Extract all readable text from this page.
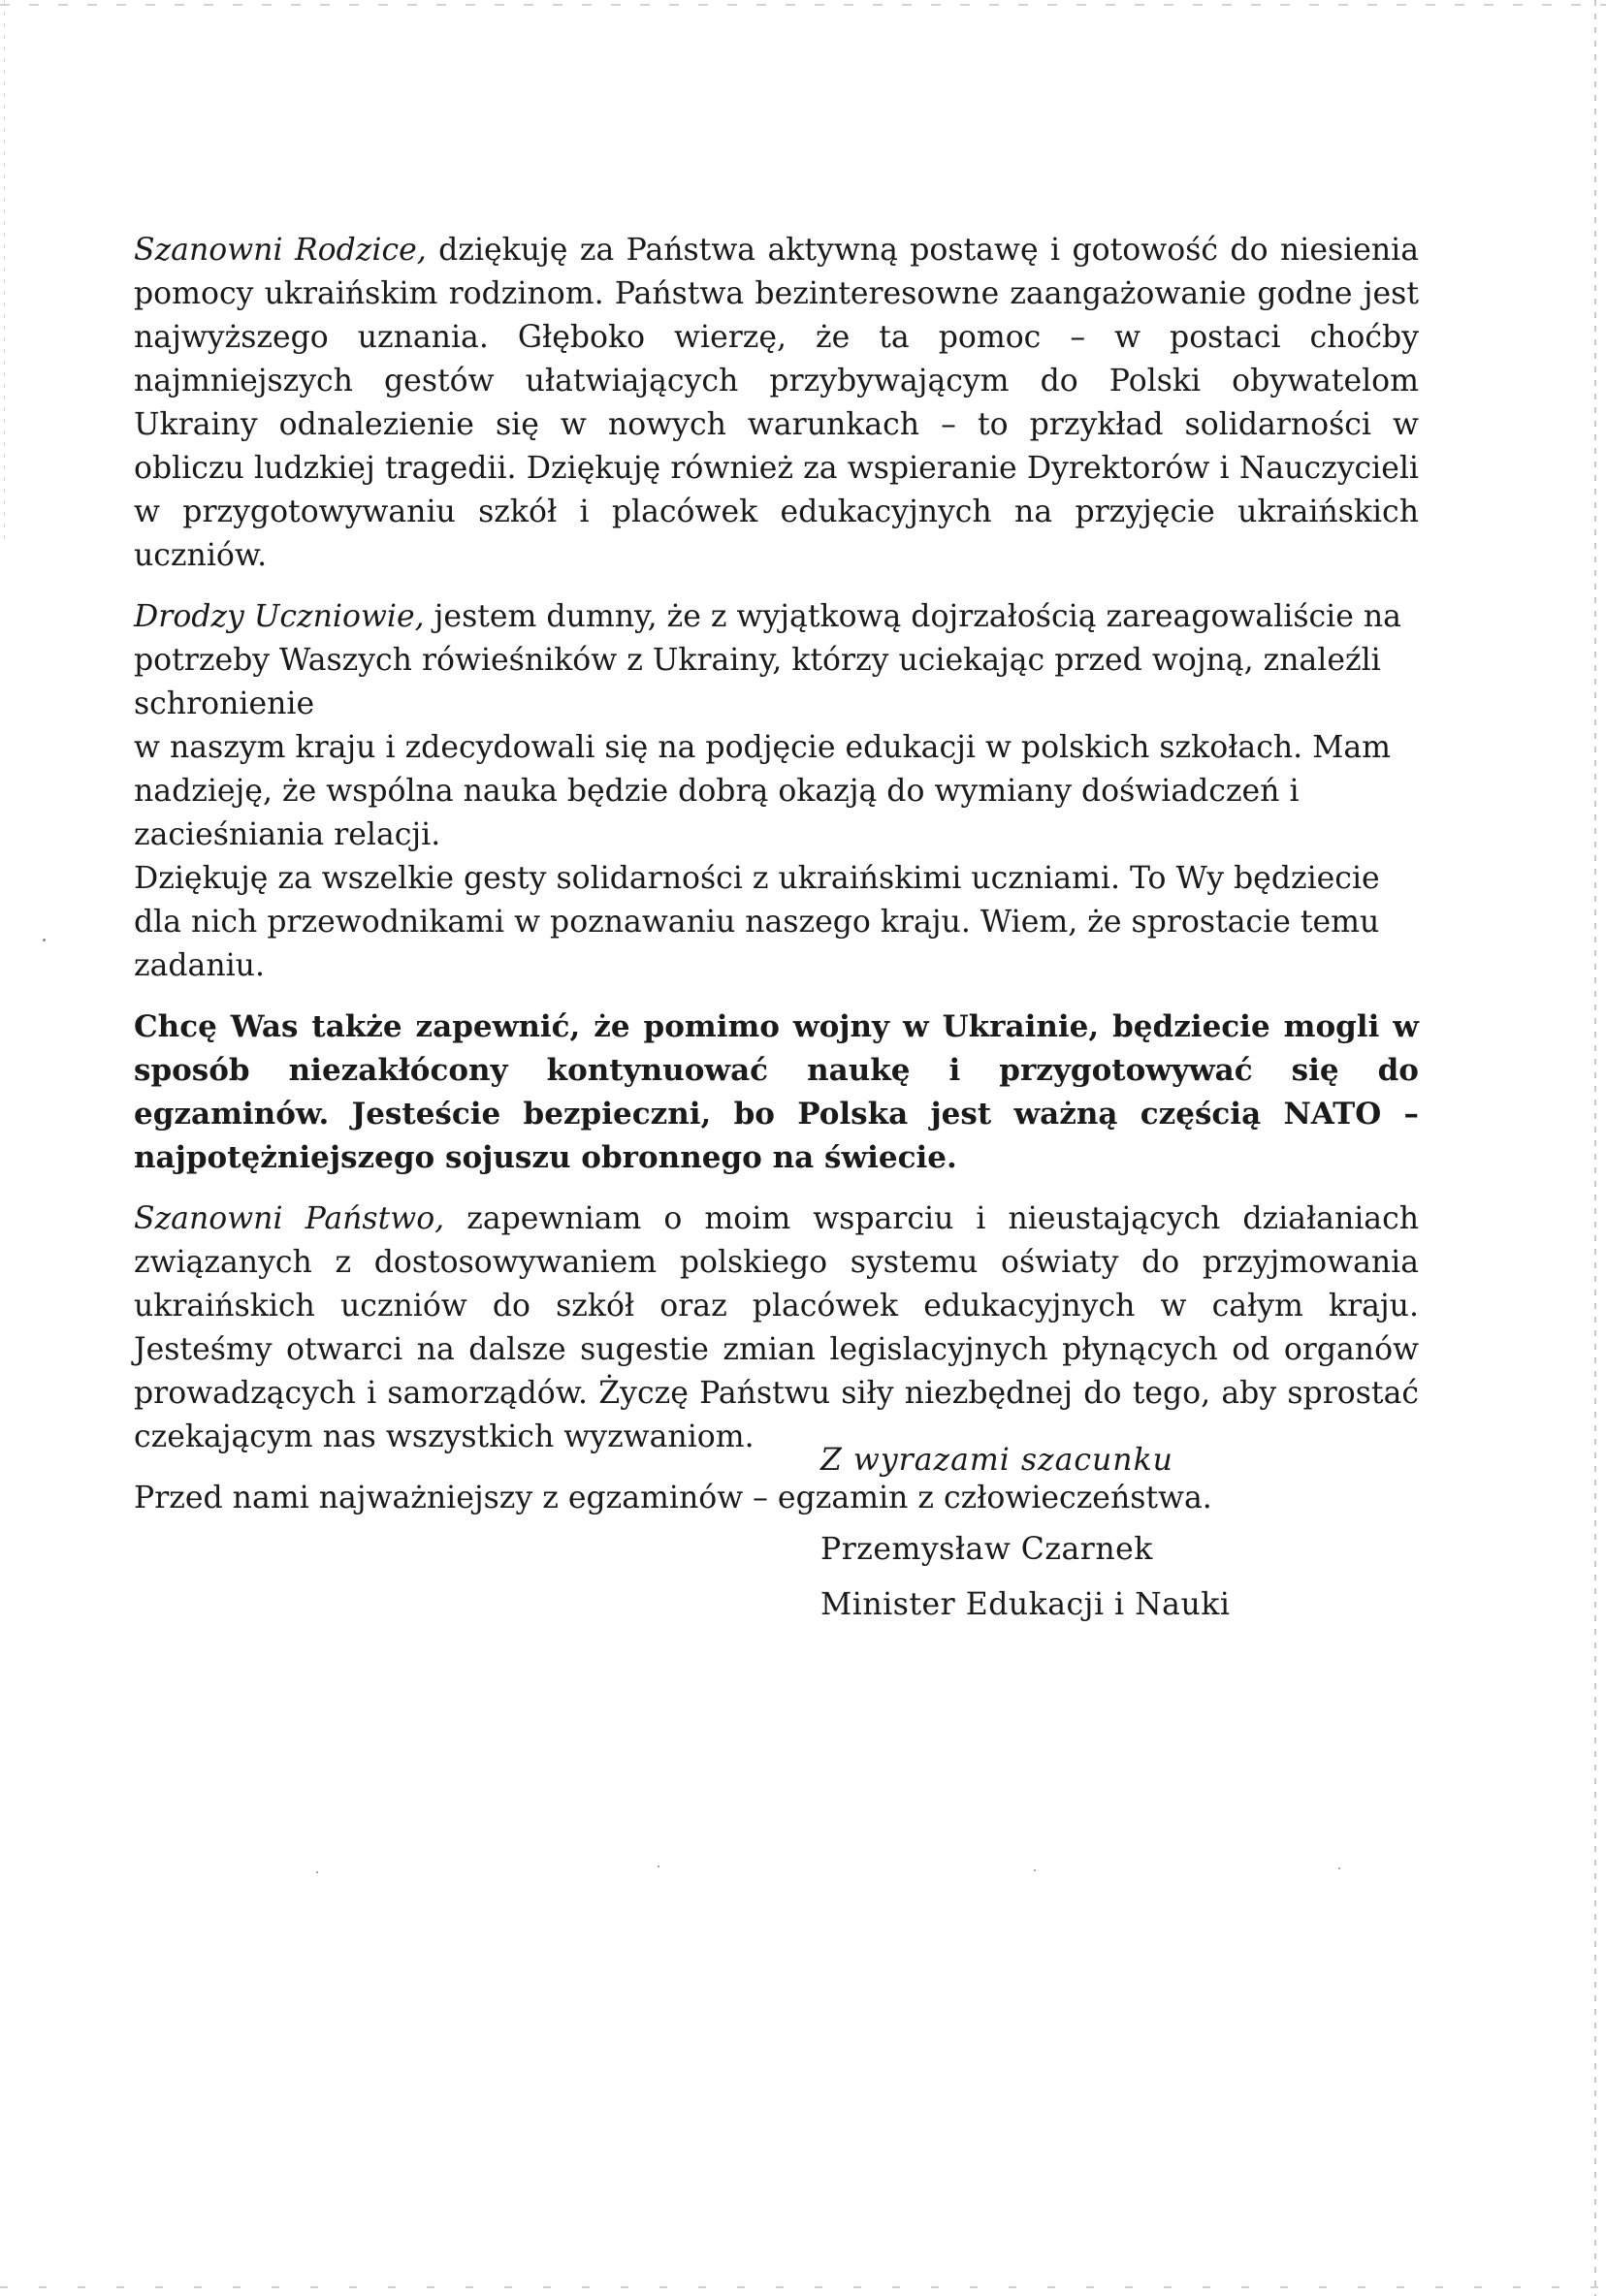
Szanowni Rodzice, dziękuję za Państwa aktywną postawę i gotowość do niesienia pomocy ukraińskim rodzinom. Państwa bezinteresowne zaangażowanie godne jest najwyższego uznania. Głęboko wierzę, że ta pomoc – w postaci choćby najmniejszych gestów ułatwiających przybywającym do Polski obywatelom Ukrainy odnalezienie się w nowych warunkach – to przykład solidarności w obliczu ludzkiej tragedii. Dziękuję również za wspieranie Dyrektorów i Nauczycieli w przygotowywaniu szkół i placówek edukacyjnych na przyjęcie ukraińskich uczniów.

Drodzy Uczniowie, jestem dumny, że z wyjątkową dojrzałością zareagowaliście na potrzeby Waszych rówieśników z Ukrainy, którzy uciekając przed wojną, znaleźli schronienie

w naszym kraju i zdecydowali się na podjęcie edukacji w polskich szkołach. Mam nadzieję, że wspólna nauka będzie dobrą okazją do wymiany doświadczeń i zacieśniania relacji.

Dziękuję za wszelkie gesty solidarności z ukraińskimi uczniami. To Wy będziecie dla nich przewodnikami w poznawaniu naszego kraju. Wiem, że sprostacie temu zadaniu.

Chcę Was także zapewnić, że pomimo wojny w Ukrainie, będziecie mogli w sposób niezakłócony kontynuować naukę i przygotowywać się do egzaminów. Jesteście bezpieczni, bo Polska jest ważną częścią NATO – najpotężniejszego sojuszu obronnego na świecie.

Szanowni Państwo, zapewniam o moim wsparciu i nieustających działaniach związanych z dostosowywaniem polskiego systemu oświaty do przyjmowania ukraińskich uczniów do szkół oraz placówek edukacyjnych w całym kraju. Jesteśmy otwarci na dalsze sugestie zmian legislacyjnych płynących od organów prowadzących i samorządów. Życzę Państwu siły niezbędnej do tego, aby sprostać czekającym nas wszystkich wyzwaniom.

Przed nami najważniejszy z egzaminów – egzamin z człowieczeństwa.

Z wyrazami szacunku
Przemysław Czarnek
Minister Edukacji i Nauki
